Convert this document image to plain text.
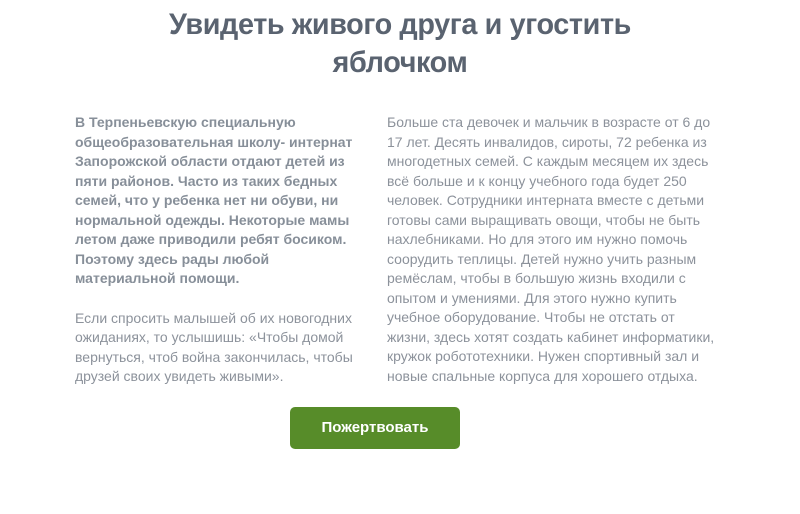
Увидеть живого друга и угостить яблочком

В Терпеньевскую специальную общеобразовательная школу- интернат Запорожской области отдают детей из пяти районов. Часто из таких бедных семей, что у ребенка нет ни обуви, ни нормальной одежды. Некоторые мамы летом даже приводили ребят босиком. Поэтому здесь рады любой материальной помощи.

Если спросить малышей об их новогодних ожиданиях, то услышишь: «Чтобы домой вернуться, чтоб война закончилась, чтобы друзей своих увидеть живыми».

Больше ста девочек и мальчик в возрасте от 6 до 17 лет. Десять инвалидов, сироты, 72 ребенка из многодетных семей. С каждым месяцем их здесь всё больше и к концу учебного года будет 250 человек. Сотрудники интерната вместе с детьми готовы сами выращивать овощи, чтобы не быть нахлебниками. Но для этого им нужно помочь соорудить теплицы. Детей нужно учить разным ремёслам, чтобы в большую жизнь входили с опытом и умениями. Для этого нужно купить учебное оборудование. Чтобы не отстать от жизни, здесь хотят создать кабинет информатики, кружок робототехники. Нужен спортивный зал и новые спальные корпуса для хорошего отдыха.

Пожертвовать
